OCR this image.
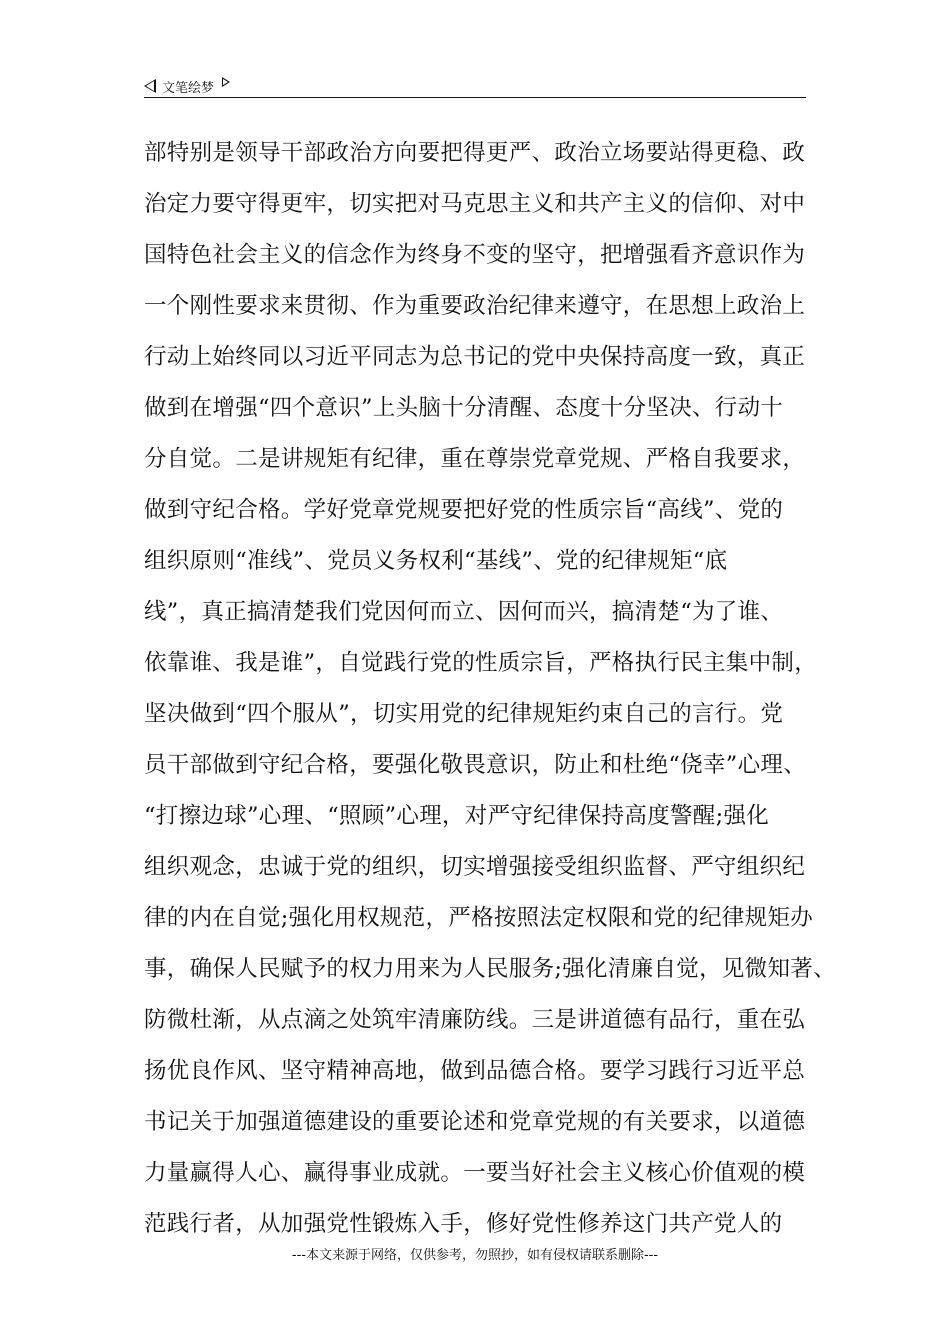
文笔绘梦
部特别是领导干部政治方向要把得更严、政治立场要站得更稳、政
治定力要守得更牢，切实把对马克思主义和共产主义的信仰、对中
国特色社会主义的信念作为终身不变的坚守，把增强看齐意识作为
一个刚性要求来贯彻、作为重要政治纪律来遵守，在思想上政治上
行动上始终同以习近平同志为总书记的党中央保持高度一致，真正
做到在增强“四个意识”上头脑十分清醒、态度十分坚决、行动十
分自觉。二是讲规矩有纪律，重在尊崇党章党规、严格自我要求，
做到守纪合格。学好党章党规要把好党的性质宗旨“高线”、党的
组织原则“准线”、党员义务权利“基线”、党的纪律规矩“底
线”，真正搞清楚我们党因何而立、因何而兴，搞清楚“为了谁、
依靠谁、我是谁”，自觉践行党的性质宗旨，严格执行民主集中制，
坚决做到“四个服从”，切实用党的纪律规矩约束自己的言行。党
员干部做到守纪合格，要强化敬畏意识，防止和杜绝“侥幸”心理、
“打擦边球”心理、“照顾”心理，对严守纪律保持高度警醒;强化
组织观念，忠诚于党的组织，切实增强接受组织监督、严守组织纪
律的内在自觉;强化用权规范，严格按照法定权限和党的纪律规矩办
事，确保人民赋予的权力用来为人民服务;强化清廉自觉，见微知著、
防微杜渐，从点滴之处筑牢清廉防线。三是讲道德有品行，重在弘
扬优良作风、坚守精神高地，做到品德合格。要学习践行习近平总
书记关于加强道德建设的重要论述和党章党规的有关要求，以道德
力量赢得人心、赢得事业成就。一要当好社会主义核心价值观的模
范践行者，从加强党性锻炼入手，修好党性修养这门共产党人的
---本文来源于网络，仅供参考，勿照抄，如有侵权请联系删除---
